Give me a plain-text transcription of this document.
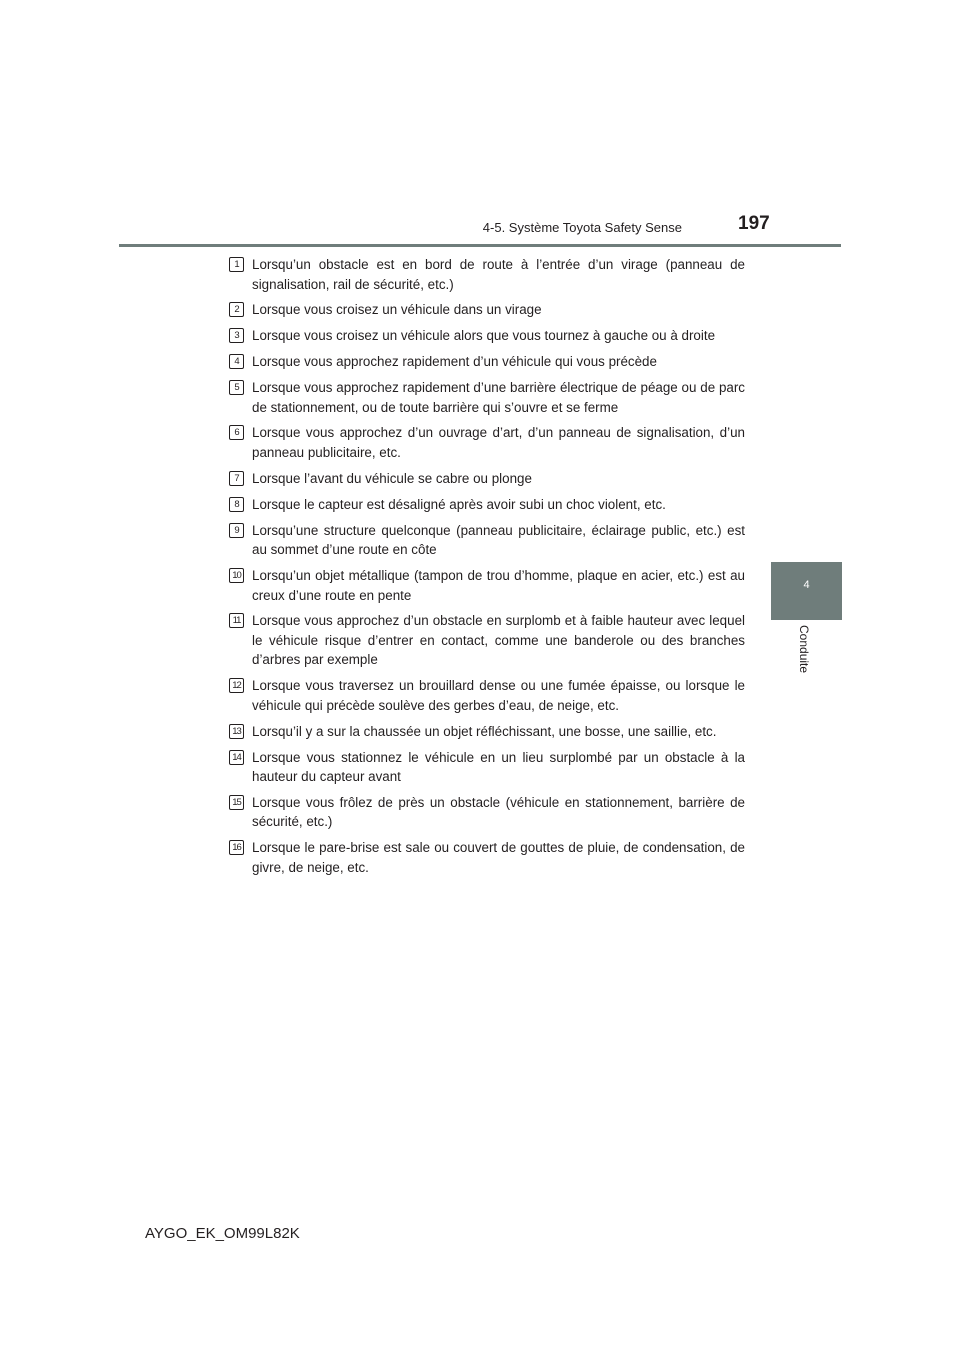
4-5. Système Toyota Safety Sense	197
4
Conduite
1 Lorsqu’un obstacle est en bord de route à l’entrée d’un virage (panneau de signalisation, rail de sécurité, etc.)
2 Lorsque vous croisez un véhicule dans un virage
3 Lorsque vous croisez un véhicule alors que vous tournez à gauche ou à droite
4 Lorsque vous approchez rapidement d’un véhicule qui vous précède
5 Lorsque vous approchez rapidement d’une barrière électrique de péage ou de parc de stationnement, ou de toute barrière qui s’ouvre et se ferme
6 Lorsque vous approchez d’un ouvrage d’art, d’un panneau de signalisation, d’un panneau publicitaire, etc.
7 Lorsque l’avant du véhicule se cabre ou plonge
8 Lorsque le capteur est désaligné après avoir subi un choc violent, etc.
9 Lorsqu’une structure quelconque (panneau publicitaire, éclairage public, etc.) est au sommet d’une route en côte
10 Lorsqu’un objet métallique (tampon de trou d’homme, plaque en acier, etc.) est au creux d’une route en pente
11 Lorsque vous approchez d’un obstacle en surplomb et à faible hauteur avec lequel le véhicule risque d’entrer en contact, comme une banderole ou des branches d’arbres par exemple
12 Lorsque vous traversez un brouillard dense ou une fumée épaisse, ou lorsque le véhicule qui précède soulève des gerbes d’eau, de neige, etc.
13 Lorsqu’il y a sur la chaussée un objet réfléchissant, une bosse, une saillie, etc.
14 Lorsque vous stationnez le véhicule en un lieu surplombé par un obstacle à la hauteur du capteur avant
15 Lorsque vous frôlez de près un obstacle (véhicule en stationnement, barrière de sécurité, etc.)
16 Lorsque le pare-brise est sale ou couvert de gouttes de pluie, de condensation, de givre, de neige, etc.
AYGO_EK_OM99L82K
